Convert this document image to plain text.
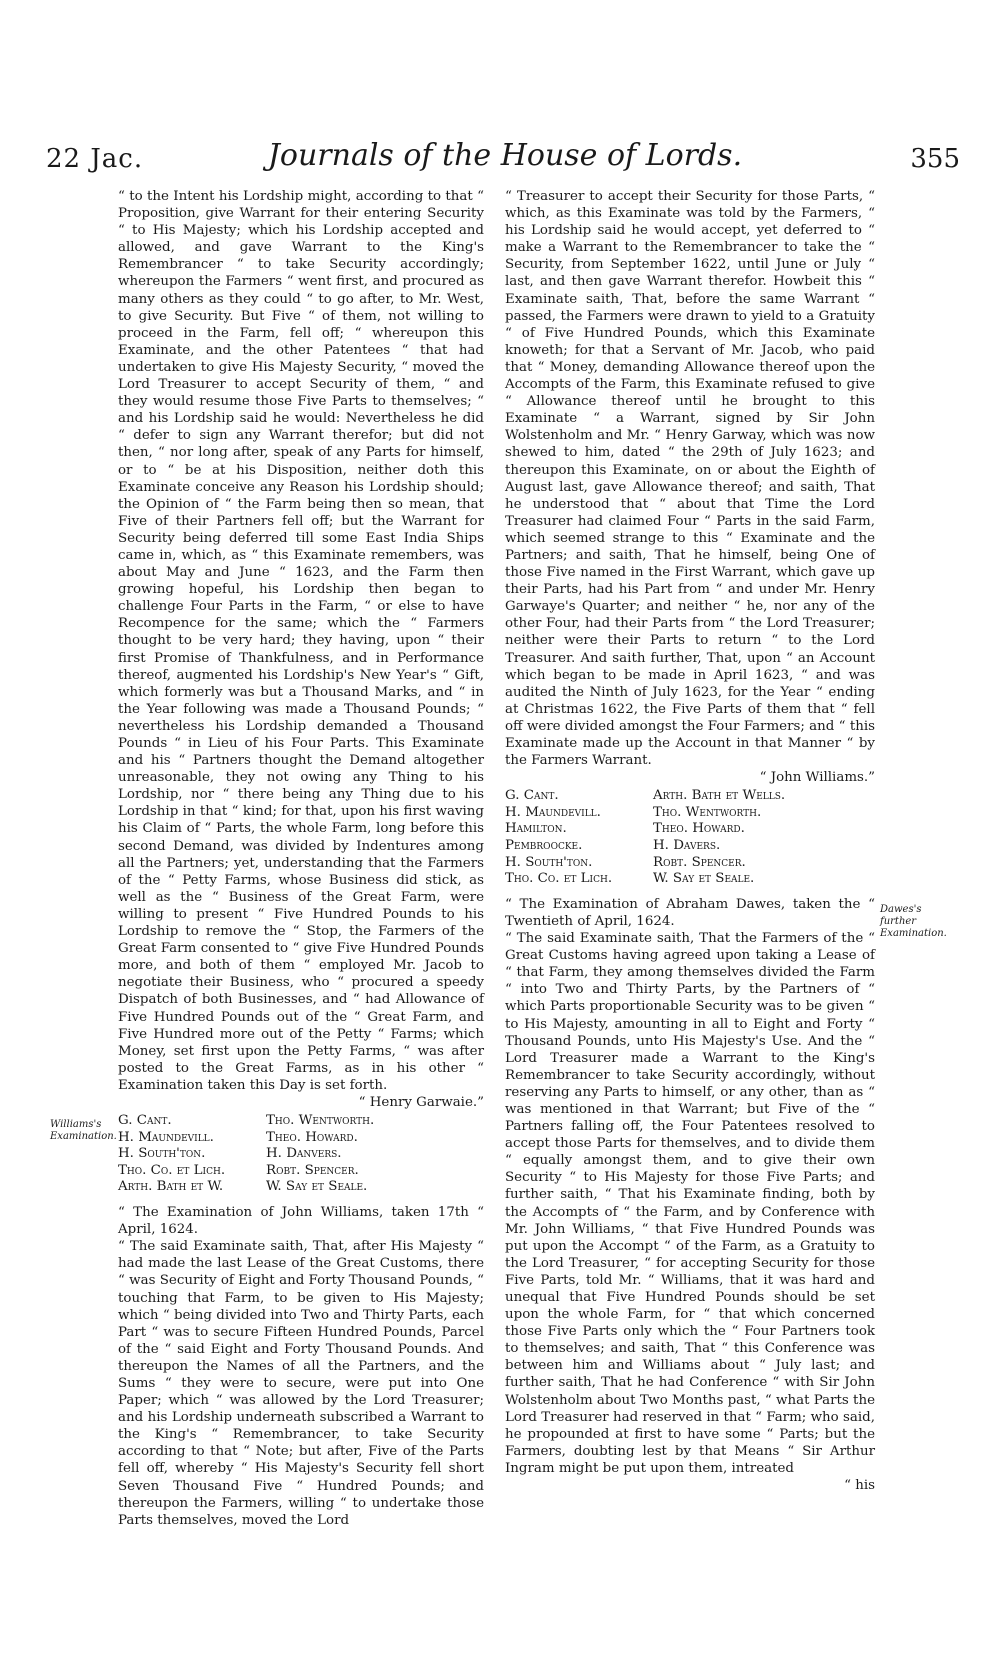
22 Jac.	Journals of the House of Lords.	355

“ to the Intent his Lordship might, according to that “ Proposition, give Warrant for their entering Security “ to His Majesty; which his Lordship accepted and allowed, and gave Warrant to the King's Remembrancer “ to take Security accordingly; whereupon the Farmers “ went first, and procured as many others as they could “ to go after, to Mr. West, to give Security. But Five “ of them, not willing to proceed in the Farm, fell off; “ whereupon this Examinate, and the other Patentees “ that had undertaken to give His Majesty Security, “ moved the Lord Treasurer to accept Security of them, “ and they would resume those Five Parts to themselves; “ and his Lordship said he would: Nevertheless he did “ defer to sign any Warrant therefor; but did not then, “ nor long after, speak of any Parts for himself, or to “ be at his Disposition, neither doth this Examinate conceive any Reason his Lordship should; the Opinion of “ the Farm being then so mean, that Five of their Partners fell off; but the Warrant for Security being deferred till some East India Ships came in, which, as “ this Examinate remembers, was about May and June “ 1623, and the Farm then growing hopeful, his Lordship then began to challenge Four Parts in the Farm, “ or else to have Recompence for the same; which the “ Farmers thought to be very hard; they having, upon “ their first Promise of Thankfulness, and in Performance thereof, augmented his Lordship's New Year's “ Gift, which formerly was but a Thousand Marks, and “ in the Year following was made a Thousand Pounds; “ nevertheless his Lordship demanded a Thousand Pounds “ in Lieu of his Four Parts. This Examinate and his “ Partners thought the Demand altogether unreasonable, they not owing any Thing to his Lordship, nor “ there being any Thing due to his Lordship in that “ kind; for that, upon his first waving his Claim of “ Parts, the whole Farm, long before this second Demand, was divided by Indentures among all the Partners; yet, understanding that the Farmers of the “ Petty Farms, whose Business did stick, as well as the “ Business of the Great Farm, were willing to present “ Five Hundred Pounds to his Lordship to remove the “ Stop, the Farmers of the Great Farm consented to “ give Five Hundred Pounds more, and both of them “ employed Mr. Jacob to negotiate their Business, who “ procured a speedy Dispatch of both Businesses, and “ had Allowance of Five Hundred Pounds out of the “ Great Farm, and Five Hundred more out of the Petty “ Farms; which Money, set first upon the Petty Farms, “ was after posted to the Great Farms, as in his other “ Examination taken this Day is set forth.

“ Henry Garwaie.”

G. Cant.	Tho. Wentworth.
H. Maundevill.	Theo. Howard.
H. South'ton.	H. Danvers.
Tho. Co. et Lich.	Robt. Spencer.
Arth. Bath et W.	W. Say et Seale.

“ The Examination of John Williams, taken 17th “ April, 1624.

“ The said Examinate saith, That, after His Majesty “ had made the last Lease of the Great Customs, there “ was Security of Eight and Forty Thousand Pounds, “ touching that Farm, to be given to His Majesty; which “ being divided into Two and Thirty Parts, each Part “ was to secure Fifteen Hundred Pounds, Parcel of the “ said Eight and Forty Thousand Pounds. And thereupon the Names of all the Partners, and the Sums “ they were to secure, were put into One Paper; which “ was allowed by the Lord Treasurer; and his Lordship underneath subscribed a Warrant to the King's “ Remembrancer, to take Security according to that “ Note; but after, Five of the Parts fell off, whereby “ His Majesty's Security fell short Seven Thousand Five “ Hundred Pounds; and thereupon the Farmers, willing “ to undertake those Parts themselves, moved the Lord

“ Treasurer to accept their Security for those Parts, “ which, as this Examinate was told by the Farmers, “ his Lordship said he would accept, yet deferred to “ make a Warrant to the Remembrancer to take the “ Security, from September 1622, until June or July “ last, and then gave Warrant therefor. Howbeit this “ Examinate saith, That, before the same Warrant “ passed, the Farmers were drawn to yield to a Gratuity “ of Five Hundred Pounds, which this Examinate knoweth; for that a Servant of Mr. Jacob, who paid that “ Money, demanding Allowance thereof upon the Accompts of the Farm, this Examinate refused to give “ Allowance thereof until he brought to this Examinate “ a Warrant, signed by Sir John Wolstenholm and Mr. “ Henry Garway, which was now shewed to him, dated “ the 29th of July 1623; and thereupon this Examinate, on or about the Eighth of August last, gave Allowance thereof; and saith, That he understood that “ about that Time the Lord Treasurer had claimed Four “ Parts in the said Farm, which seemed strange to this “ Examinate and the Partners; and saith, That he himself, being One of those Five named in the First Warrant, which gave up their Parts, had his Part from “ and under Mr. Henry Garwaye's Quarter; and neither “ he, nor any of the other Four, had their Parts from “ the Lord Treasurer; neither were their Parts to return “ to the Lord Treasurer. And saith further, That, upon “ an Account which began to be made in April 1623, “ and was audited the Ninth of July 1623, for the Year “ ending at Christmas 1622, the Five Parts of them that “ fell off were divided amongst the Four Farmers; and “ this Examinate made up the Account in that Manner “ by the Farmers Warrant.

“ John Williams.”

G. Cant.	Arth. Bath et Wells.
H. Maundevill.	Tho. Wentworth.
Hamilton.	Theo. Howard.
Pembroocke.	H. Davers.
H. South'ton.	Robt. Spencer.
Tho. Co. et Lich.	W. Say et Seale.

“ The Examination of Abraham Dawes, taken the “ Twentieth of April, 1624.

“ The said Examinate saith, That the Farmers of the “ Great Customs having agreed upon taking a Lease of “ that Farm, they among themselves divided the Farm “ into Two and Thirty Parts, by the Partners of “ which Parts proportionable Security was to be given “ to His Majesty, amounting in all to Eight and Forty “ Thousand Pounds, unto His Majesty's Use. And the “ Lord Treasurer made a Warrant to the King's Remembrancer to take Security accordingly, without reserving any Parts to himself, or any other, than as “ was mentioned in that Warrant; but Five of the “ Partners falling off, the Four Patentees resolved to accept those Parts for themselves, and to divide them “ equally amongst them, and to give their own Security “ to His Majesty for those Five Parts; and further saith, “ That his Examinate finding, both by the Accompts of “ the Farm, and by Conference with Mr. John Williams, “ that Five Hundred Pounds was put upon the Accompt “ of the Farm, as a Gratuity to the Lord Treasurer, “ for accepting Security for those Five Parts, told Mr. “ Williams, that it was hard and unequal that Five Hundred Pounds should be set upon the whole Farm, for “ that which concerned those Five Parts only which the “ Four Partners took to themselves; and saith, That “ this Conference was between him and Williams about “ July last; and further saith, That he had Conference “ with Sir John Wolstenholm about Two Months past, “ what Parts the Lord Treasurer had reserved in that “ Farm; who said, he propounded at first to have some “ Parts; but the Farmers, doubting lest by that Means “ Sir Arthur Ingram might be put upon them, intreated

“ his

Williams's Examination.
Dawes's further Examination.
